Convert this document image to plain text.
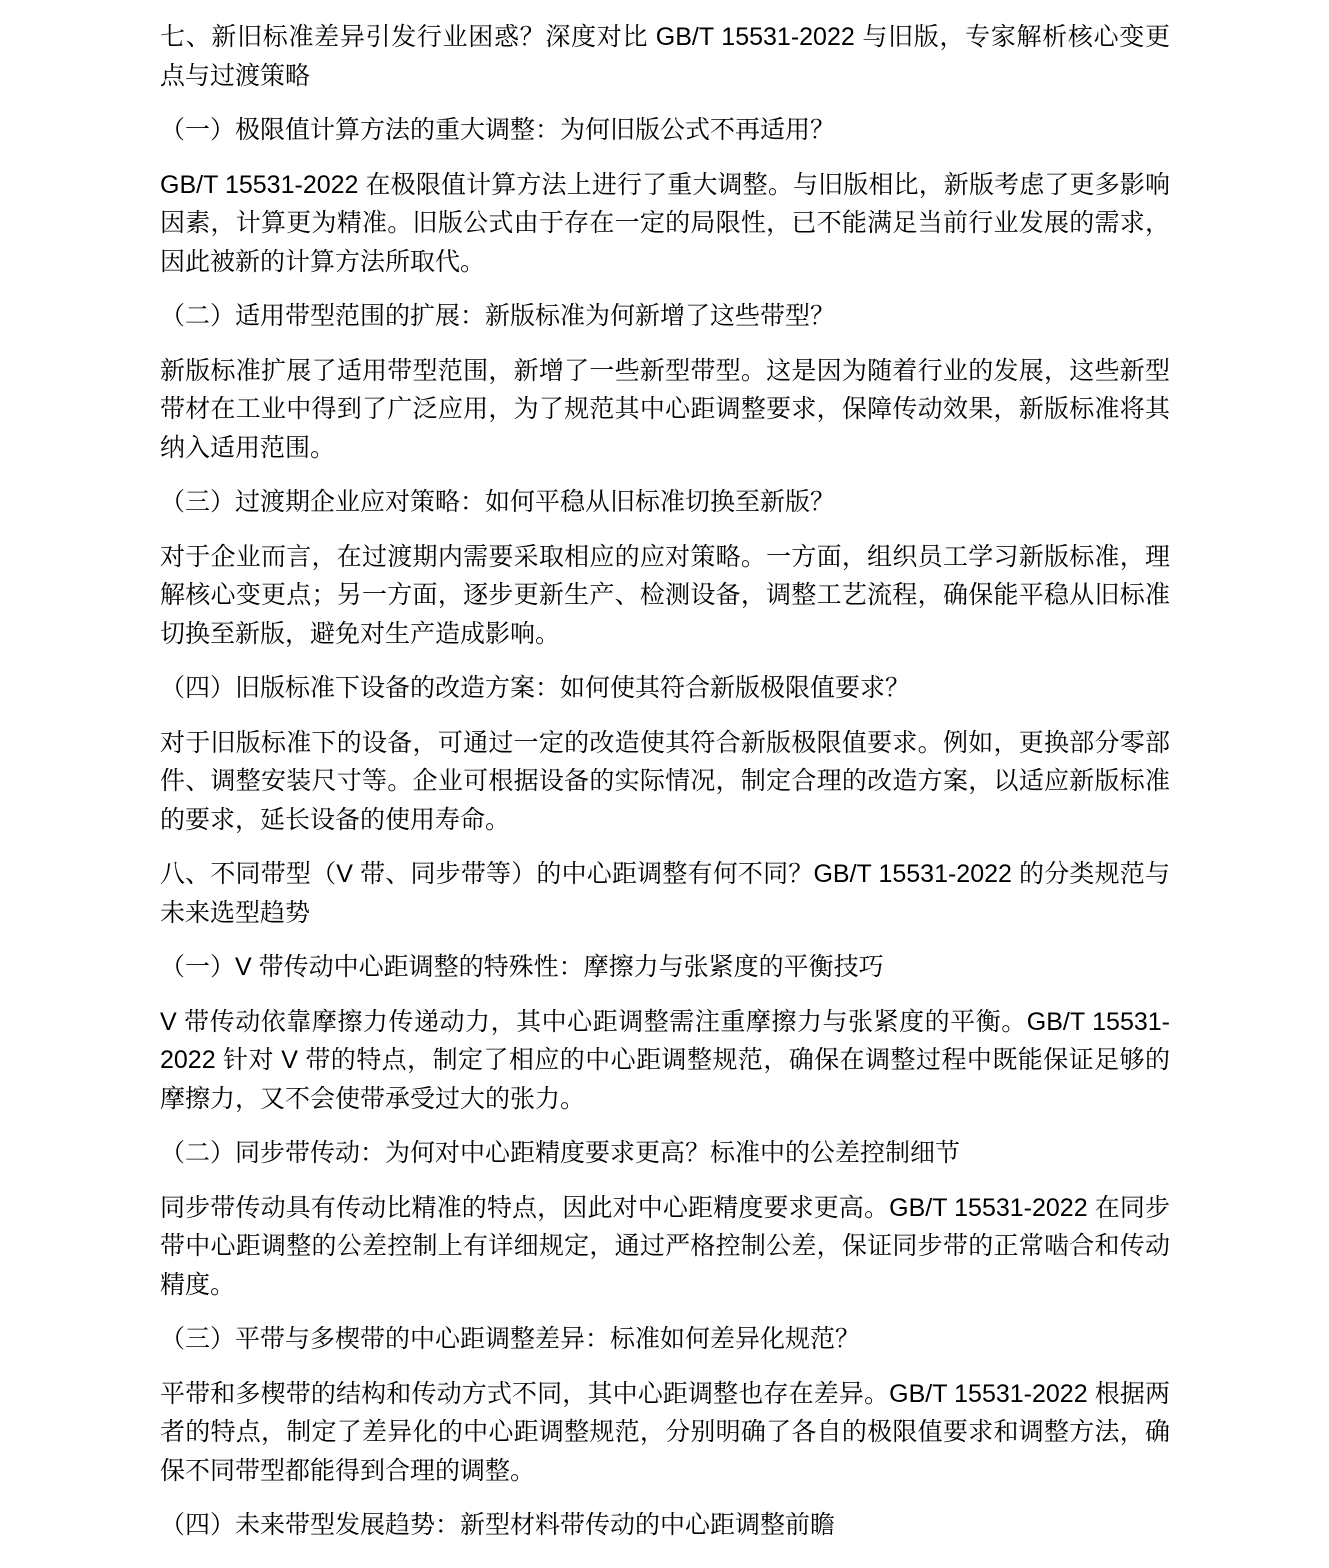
七、新旧标准差异引发行业困惑？深度对比 GB/T 15531-2022 与旧版，专家解析核心变更点与过渡策略
（一）极限值计算方法的重大调整：为何旧版公式不再适用？
GB/T 15531-2022 在极限值计算方法上进行了重大调整。与旧版相比，新版考虑了更多影响因素，计算更为精准。旧版公式由于存在一定的局限性，已不能满足当前行业发展的需求，因此被新的计算方法所取代。
（二）适用带型范围的扩展：新版标准为何新增了这些带型？
新版标准扩展了适用带型范围，新增了一些新型带型。这是因为随着行业的发展，这些新型带材在工业中得到了广泛应用，为了规范其中心距调整要求，保障传动效果，新版标准将其纳入适用范围。
（三）过渡期企业应对策略：如何平稳从旧标准切换至新版？
对于企业而言，在过渡期内需要采取相应的应对策略。一方面，组织员工学习新版标准，理解核心变更点；另一方面，逐步更新生产、检测设备，调整工艺流程，确保能平稳从旧标准切换至新版，避免对生产造成影响。
（四）旧版标准下设备的改造方案：如何使其符合新版极限值要求？
对于旧版标准下的设备，可通过一定的改造使其符合新版极限值要求。例如，更换部分零部件、调整安装尺寸等。企业可根据设备的实际情况，制定合理的改造方案，以适应新版标准的要求，延长设备的使用寿命。
八、不同带型（V 带、同步带等）的中心距调整有何不同？GB/T 15531-2022 的分类规范与未来选型趋势
（一）V 带传动中心距调整的特殊性：摩擦力与张紧度的平衡技巧
V 带传动依靠摩擦力传递动力，其中心距调整需注重摩擦力与张紧度的平衡。GB/T 15531-2022 针对 V 带的特点，制定了相应的中心距调整规范，确保在调整过程中既能保证足够的摩擦力，又不会使带承受过大的张力。
（二）同步带传动：为何对中心距精度要求更高？标准中的公差控制细节
同步带传动具有传动比精准的特点，因此对中心距精度要求更高。GB/T 15531-2022 在同步带中心距调整的公差控制上有详细规定，通过严格控制公差，保证同步带的正常啮合和传动精度。
（三）平带与多楔带的中心距调整差异：标准如何差异化规范？
平带和多楔带的结构和传动方式不同，其中心距调整也存在差异。GB/T 15531-2022 根据两者的特点，制定了差异化的中心距调整规范，分别明确了各自的极限值要求和调整方法，确保不同带型都能得到合理的调整。
（四）未来带型发展趋势：新型材料带传动的中心距调整前瞻
